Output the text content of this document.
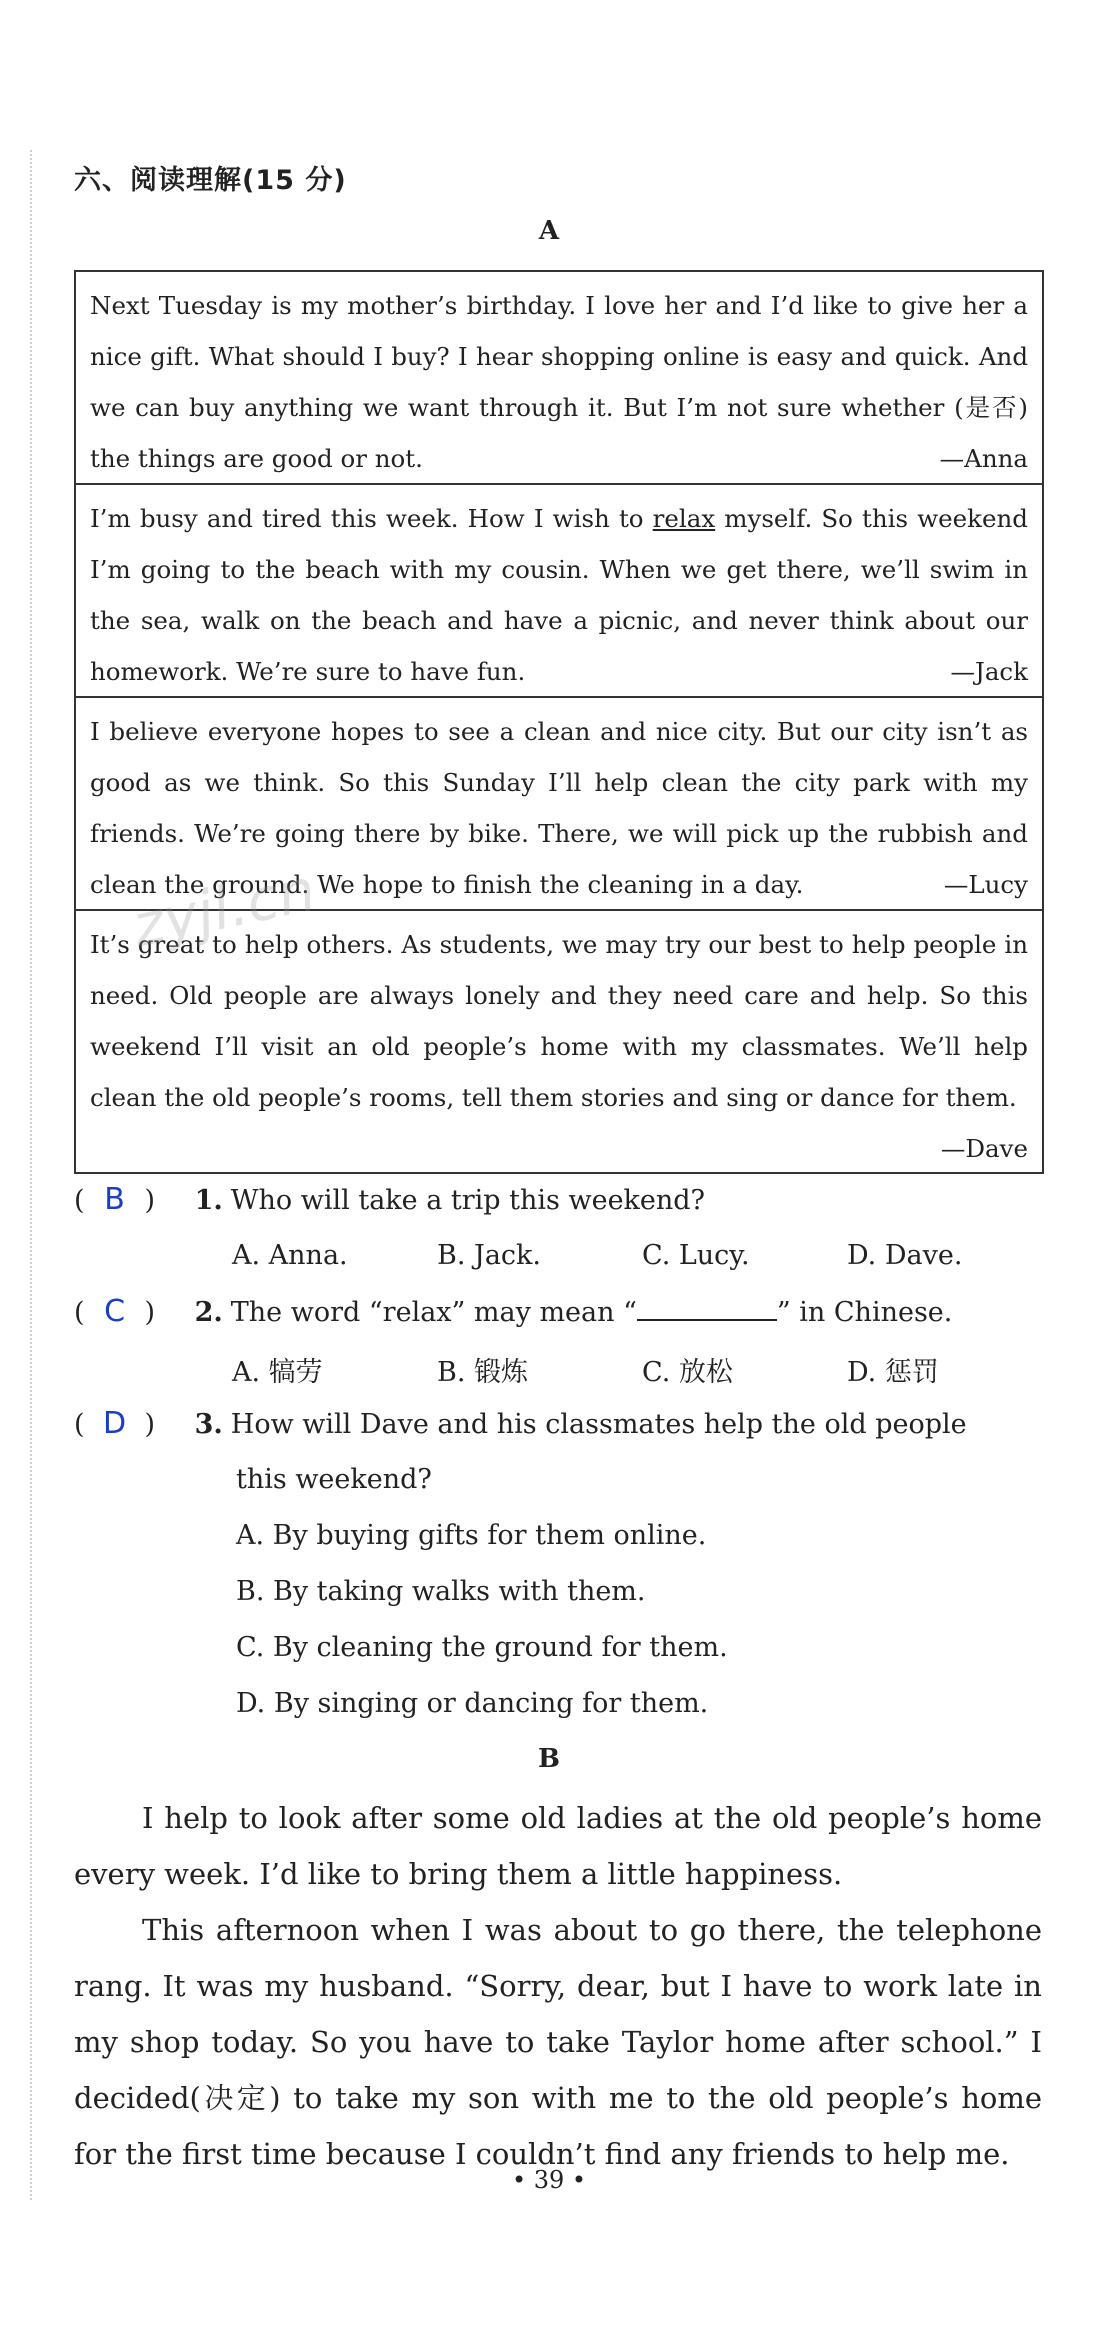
六、阅读理解(15 分)
A
Next Tuesday is my mother’s birthday. I love her and I’d like to give her a nice gift. What should I buy? I hear shopping online is easy and quick. And we can buy anything we want through it. But I’m not sure whether (是否) the things are good or not.	—Anna
I’m busy and tired this week. How I wish to relax myself. So this weekend I’m going to the beach with my cousin. When we get there, we’ll swim in the sea, walk on the beach and have a picnic, and never think about our homework. We’re sure to have fun.	—Jack
I believe everyone hopes to see a clean and nice city. But our city isn’t as good as we think. So this Sunday I’ll help clean the city park with my friends. We’re going there by bike. There, we will pick up the rubbish and clean the ground. We hope to finish the cleaning in a day.	—Lucy
It’s great to help others. As students, we may try our best to help people in need. Old people are always lonely and they need care and help. So this weekend I’ll visit an old people’s home with my classmates. We’ll help clean the old people’s rooms, tell them stories and sing or dance for them.
—Dave
zyjl.cn
( B ) 1. Who will take a trip this weekend?
A. Anna.	B. Jack.	C. Lucy.	D. Dave.
( C ) 2. The word “relax” may mean “	” in Chinese.
A. 犒劳	B. 锻炼	C. 放松	D. 惩罚
( D ) 3. How will Dave and his classmates help the old people
this weekend?
A. By buying gifts for them online.
B. By taking walks with them.
C. By cleaning the ground for them.
D. By singing or dancing for them.
B
I help to look after some old ladies at the old people’s home every week. I’d like to bring them a little happiness.
This afternoon when I was about to go there, the telephone rang. It was my husband. “Sorry, dear, but I have to work late in my shop today. So you have to take Taylor home after school.” I decided(决定) to take my son with me to the old people’s home for the first time because I couldn’t find any friends to help me.
• 39 •
